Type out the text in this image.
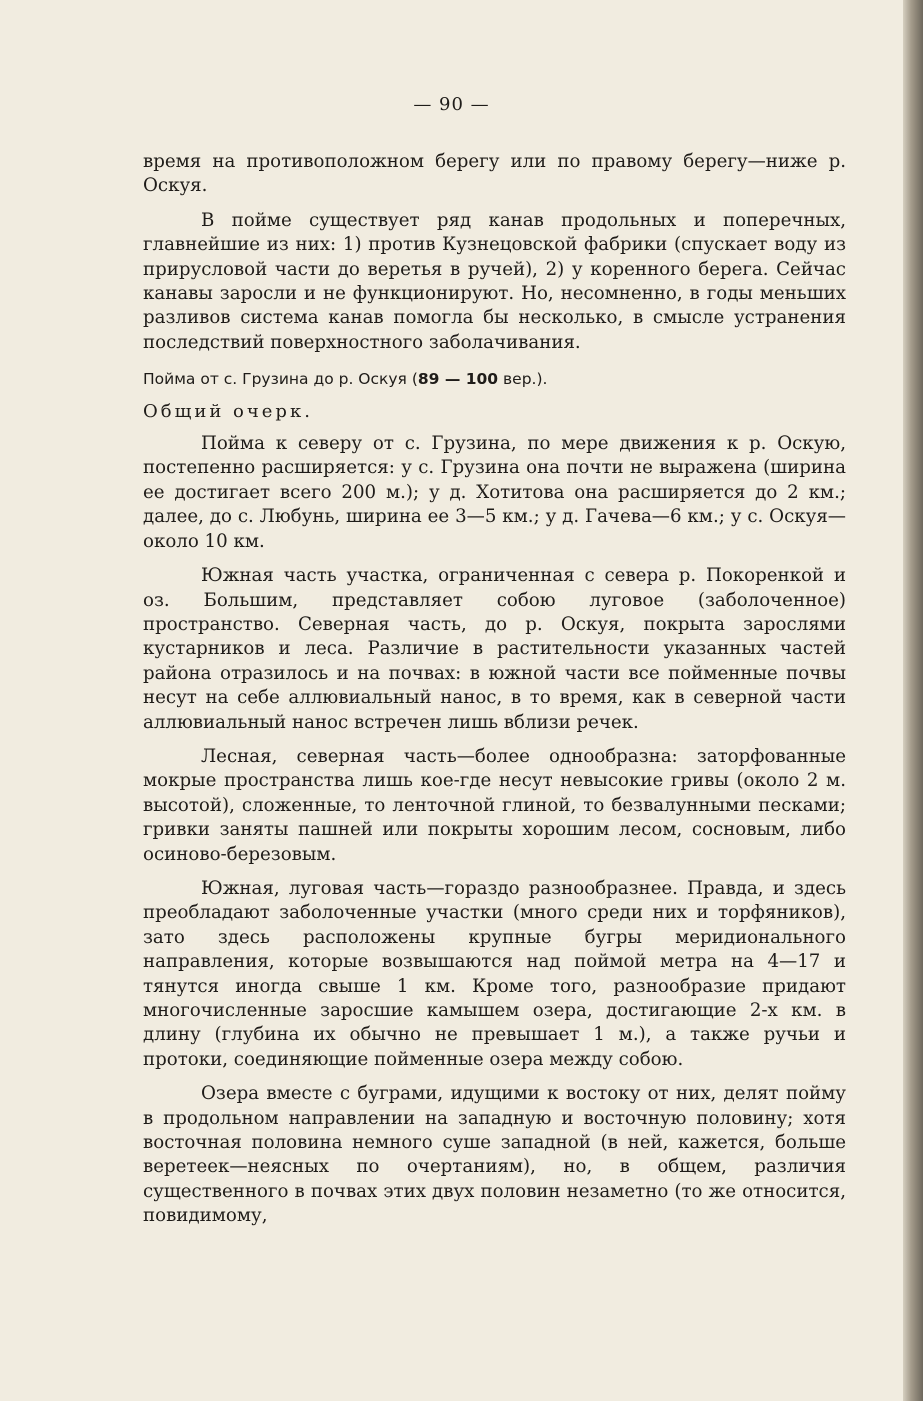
— 90 —

время на противоположном берегу или по правому берегу—ниже р. Оскуя.

В пойме существует ряд канав продольных и поперечных, главнейшие из них: 1) против Кузнецовской фабрики (спускает воду из прирусловой части до веретья в ручей), 2) у коренного берега. Сейчас канавы заросли и не функционируют. Но, несомненно, в годы меньших разливов система канав помогла бы несколько, в смысле устранения последствий поверхностного заболачивания.

Пойма от с. Грузина до р. Оскуя (89 — 100 вер.).

Общий очерк.

Пойма к северу от с. Грузина, по мере движения к р. Оскую, постепенно расширяется: у с. Грузина она почти не выражена (ширина ее достигает всего 200 м.); у д. Хотитова она расширяется до 2 км.; далее, до с. Любунь, ширина ее 3—5 км.; у д. Гачева—6 км.; у с. Оскуя—около 10 км.

Южная часть участка, ограниченная с севера р. Покоренкой и оз. Большим, представляет собою луговое (заболоченное) пространство. Северная часть, до р. Оскуя, покрыта зарослями кустарников и леса. Различие в растительности указанных частей района отразилось и на почвах: в южной части все пойменные почвы несут на себе аллювиальный нанос, в то время, как в северной части аллювиальный нанос встречен лишь вблизи речек.

Лесная, северная часть—более однообразна: заторфованные мокрые пространства лишь кое-где несут невысокие гривы (около 2 м. высотой), сложенные, то ленточной глиной, то безвалунными песками; гривки заняты пашней или покрыты хорошим лесом, сосновым, либо осиново-березовым.

Южная, луговая часть—гораздо разнообразнее. Правда, и здесь преобладают заболоченные участки (много среди них и торфяников), зато здесь расположены крупные бугры меридионального направления, которые возвышаются над поймой метра на 4—17 и тянутся иногда свыше 1 км. Кроме того, разнообразие придают многочисленные заросшие камышем озера, достигающие 2-х км. в длину (глубина их обычно не превышает 1 м.), а также ручьи и протоки, соединяющие пойменные озера между собою.

Озера вместе с буграми, идущими к востоку от них, делят пойму в продольном направлении на западную и восточную половину; хотя восточная половина немного суше западной (в ней, кажется, больше веретеек—неясных по очертаниям), но, в общем, различия существенного в почвах этих двух половин незаметно (то же относится, повидимому,
